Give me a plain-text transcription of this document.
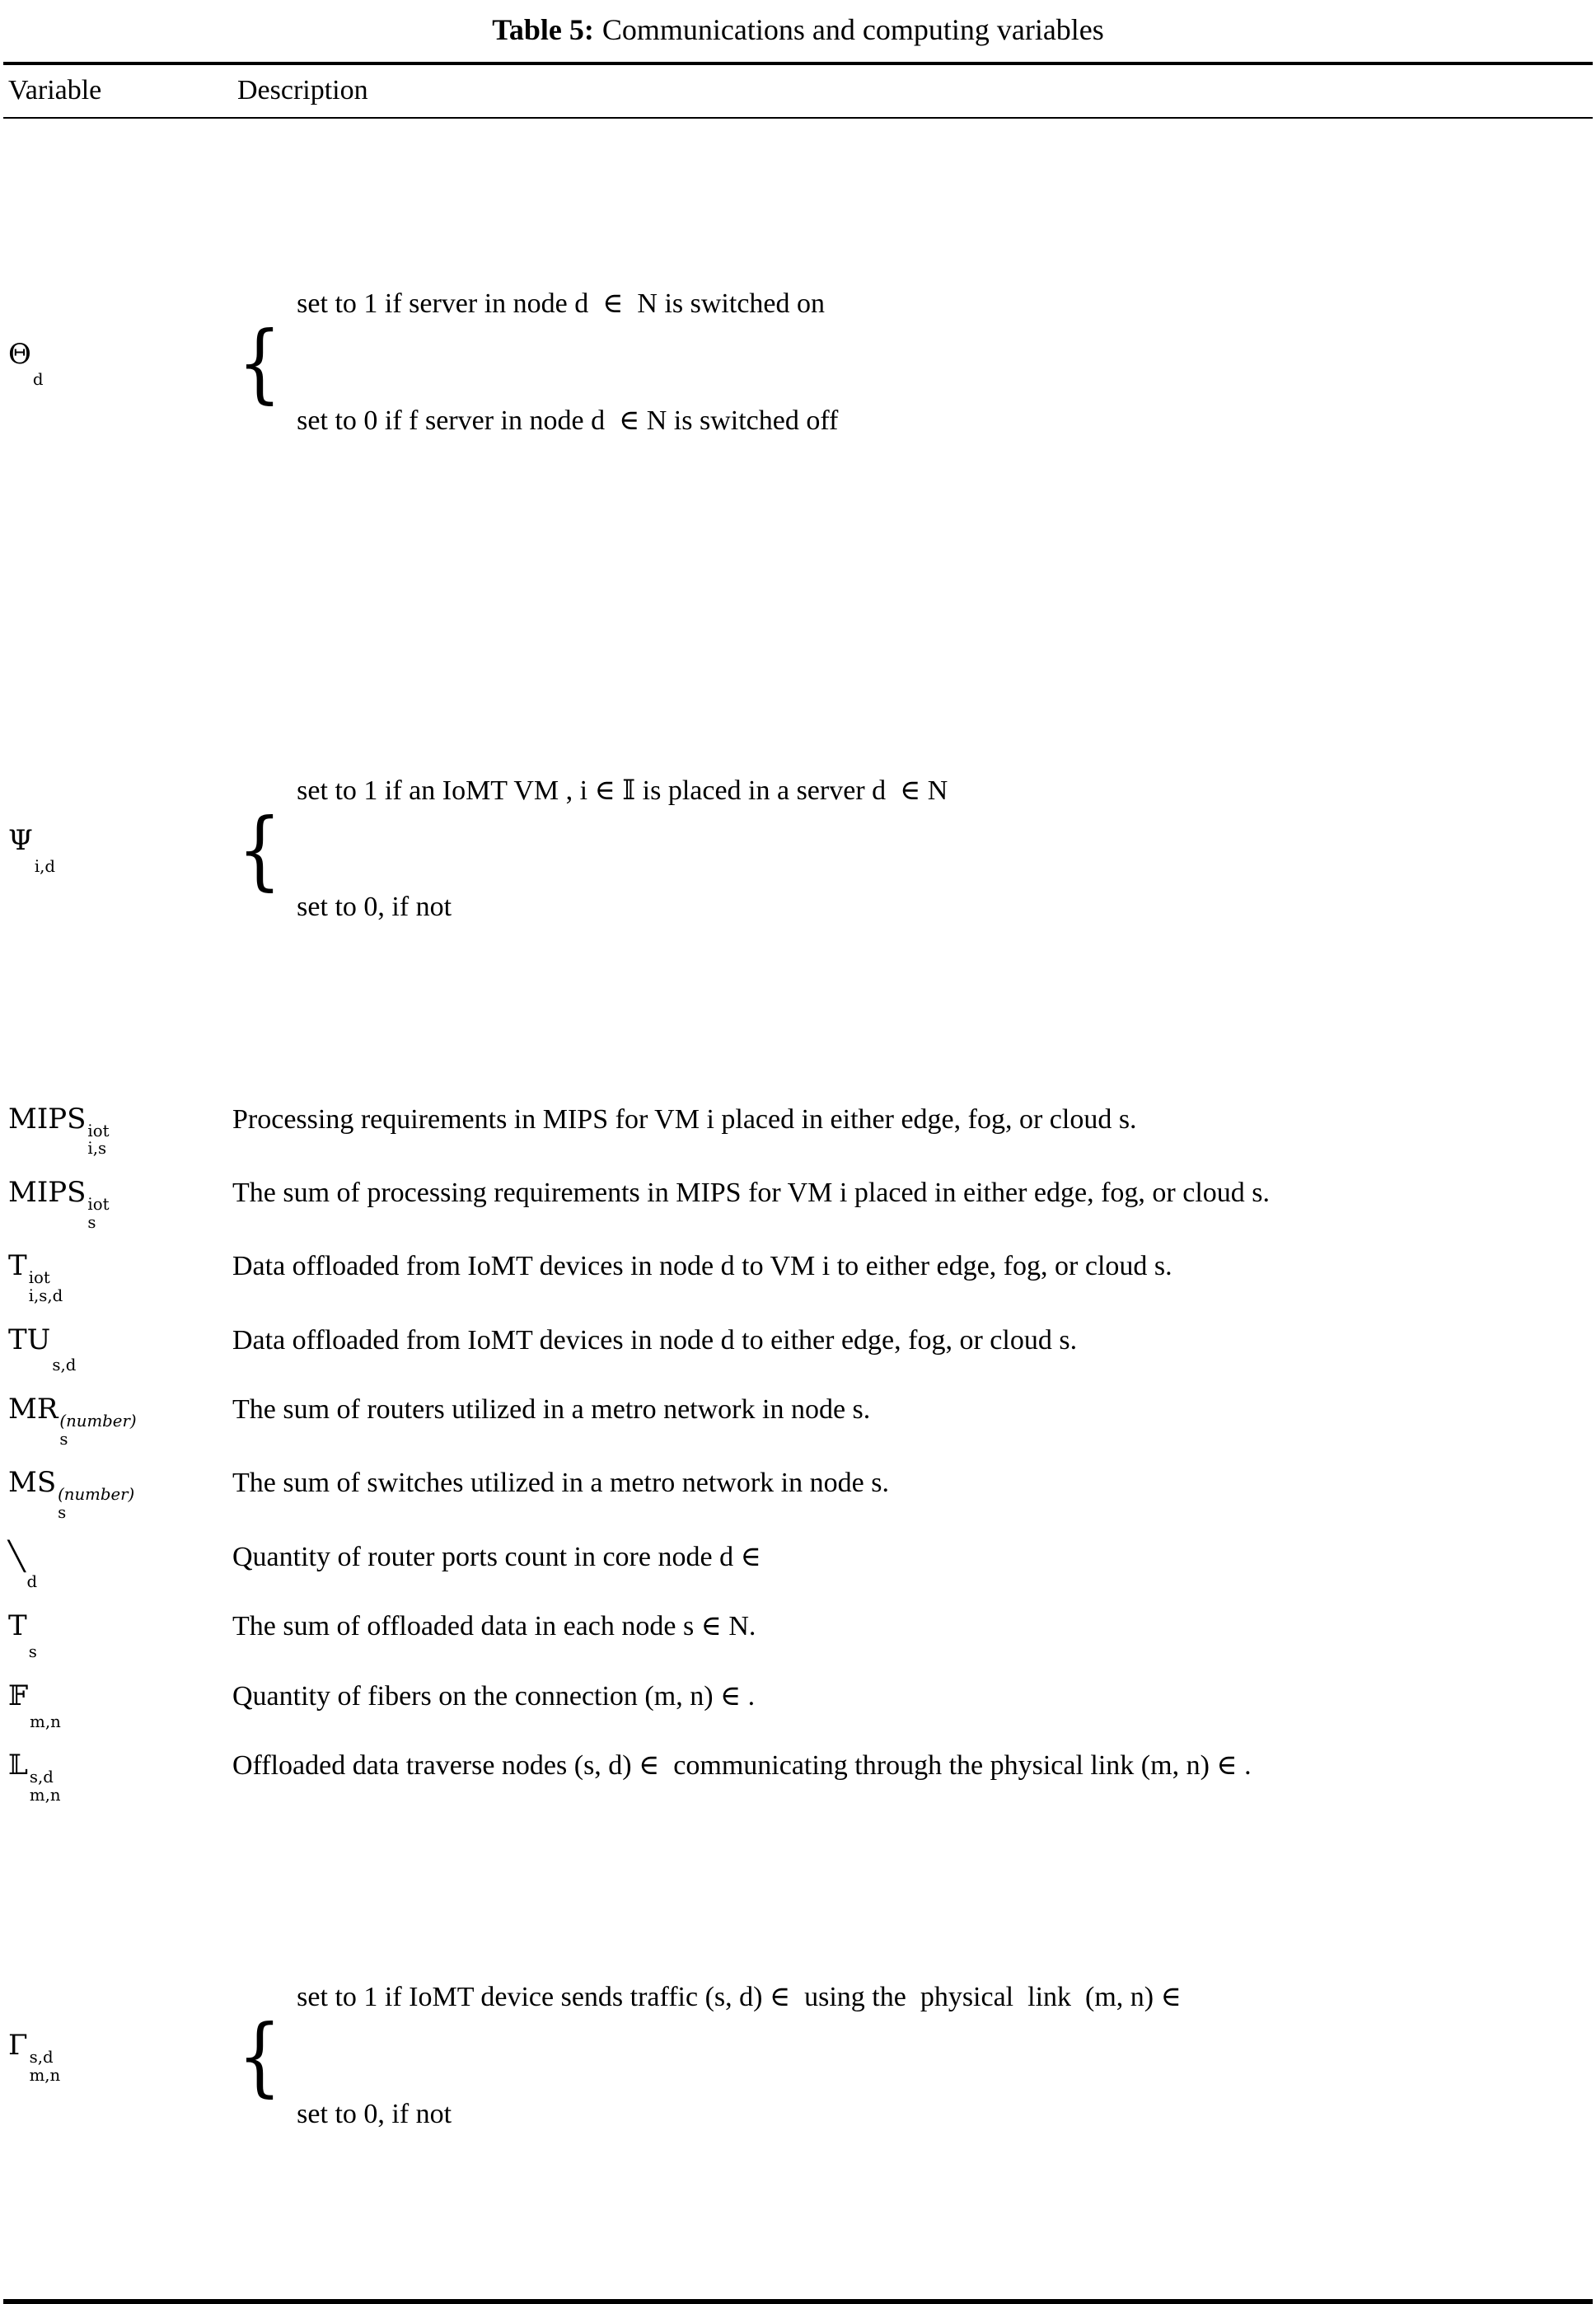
Table 5: Communications and computing variables
Variable	Description
Θ
d

{

set to 1 if server in node d  ∈  N is switched on

set to 0 if f server in node d  ∈ N is switched off

Ψ
i,d

{

set to 1 if an IoMT VM , i ∈ 𝕀 is placed in a server d  ∈ N

set to 0, if not

MIPS iot
i,s
Processing requirements in MIPS for VM i placed in either edge, fog, or cloud s.
MIPS iot
s
The sum of processing requirements in MIPS for VM i placed in either edge, fog, or cloud s.
T iot
i,s,d
Data offloaded from IoMT devices in node d to VM i to either edge, fog, or cloud s.
TU
s,d
Data offloaded from IoMT devices in node d to either edge, fog, or cloud s.
MR (number)
s
The sum of routers utilized in a metro network in node s.
MS (number)
s
The sum of switches utilized in a metro network in node s.
╲
d
Quantity of router ports count in core node d ∈
T
s
The sum of offloaded data in each node s ∈ N.
𝔽
m,n
Quantity of fibers on the connection (m, n) ∈ .
𝕃 s,d
m,n
Offloaded data traverse nodes (s, d) ∈  communicating through the physical link (m, n) ∈ .
Γ s,d
m,n

{

set to 1 if IoMT device sends traffic (s, d) ∈  using the  physical  link  (m, n) ∈

set to 0, if not
